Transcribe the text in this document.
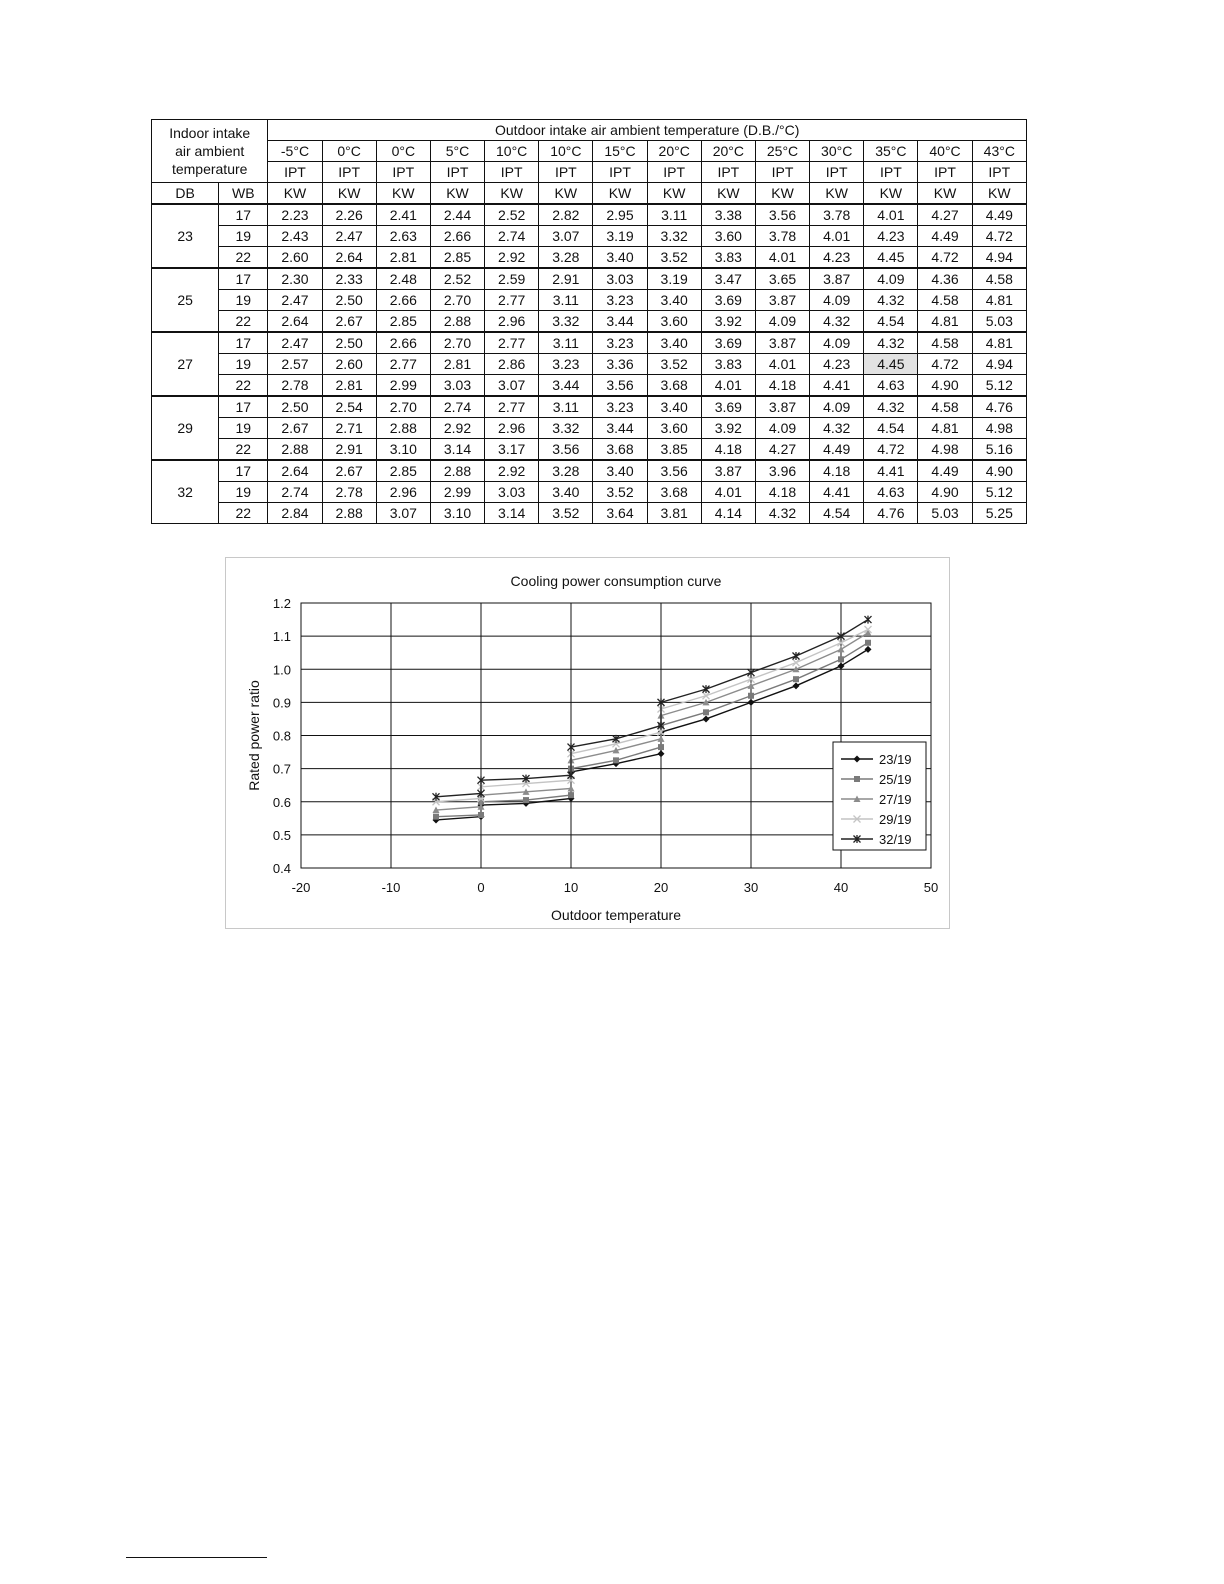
Indoor intake
air ambient
temperature		Outdoor intake air ambient temperature (D.B./°C)													
		-5°C	0°C	0°C	5°C	10°C	10°C	15°C	20°C	20°C	25°C	30°C	35°C	40°C	43°C
		IPT	IPT	IPT	IPT	IPT	IPT	IPT	IPT	IPT	IPT	IPT	IPT	IPT	IPT
DB	WB	KW	KW	KW	KW	KW	KW	KW	KW	KW	KW	KW	KW	KW	KW
23	17	2.23	2.26	2.41	2.44	2.52	2.82	2.95	3.11	3.38	3.56	3.78	4.01	4.27	4.49
	19	2.43	2.47	2.63	2.66	2.74	3.07	3.19	3.32	3.60	3.78	4.01	4.23	4.49	4.72
	22	2.60	2.64	2.81	2.85	2.92	3.28	3.40	3.52	3.83	4.01	4.23	4.45	4.72	4.94
25	17	2.30	2.33	2.48	2.52	2.59	2.91	3.03	3.19	3.47	3.65	3.87	4.09	4.36	4.58
	19	2.47	2.50	2.66	2.70	2.77	3.11	3.23	3.40	3.69	3.87	4.09	4.32	4.58	4.81
	22	2.64	2.67	2.85	2.88	2.96	3.32	3.44	3.60	3.92	4.09	4.32	4.54	4.81	5.03
27	17	2.47	2.50	2.66	2.70	2.77	3.11	3.23	3.40	3.69	3.87	4.09	4.32	4.58	4.81
	19	2.57	2.60	2.77	2.81	2.86	3.23	3.36	3.52	3.83	4.01	4.23	4.45	4.72	4.94
	22	2.78	2.81	2.99	3.03	3.07	3.44	3.56	3.68	4.01	4.18	4.41	4.63	4.90	5.12
29	17	2.50	2.54	2.70	2.74	2.77	3.11	3.23	3.40	3.69	3.87	4.09	4.32	4.58	4.76
	19	2.67	2.71	2.88	2.92	2.96	3.32	3.44	3.60	3.92	4.09	4.32	4.54	4.81	4.98
	22	2.88	2.91	3.10	3.14	3.17	3.56	3.68	3.85	4.18	4.27	4.49	4.72	4.98	5.16
32	17	2.64	2.67	2.85	2.88	2.92	3.28	3.40	3.56	3.87	3.96	4.18	4.41	4.49	4.90
	19	2.74	2.78	2.96	2.99	3.03	3.40	3.52	3.68	4.01	4.18	4.41	4.63	4.90	5.12
	22	2.84	2.88	3.07	3.10	3.14	3.52	3.64	3.81	4.14	4.32	4.54	4.76	5.03	5.25
Cooling power consumption curve
-20	-10	0	10	20	30	40	50
0.4
0.5
0.6
0.7
0.8
0.9
1.0
1.1
1.2
Outdoor temperature
Rated power ratio	23/19
25/19
27/19
29/19
32/19
